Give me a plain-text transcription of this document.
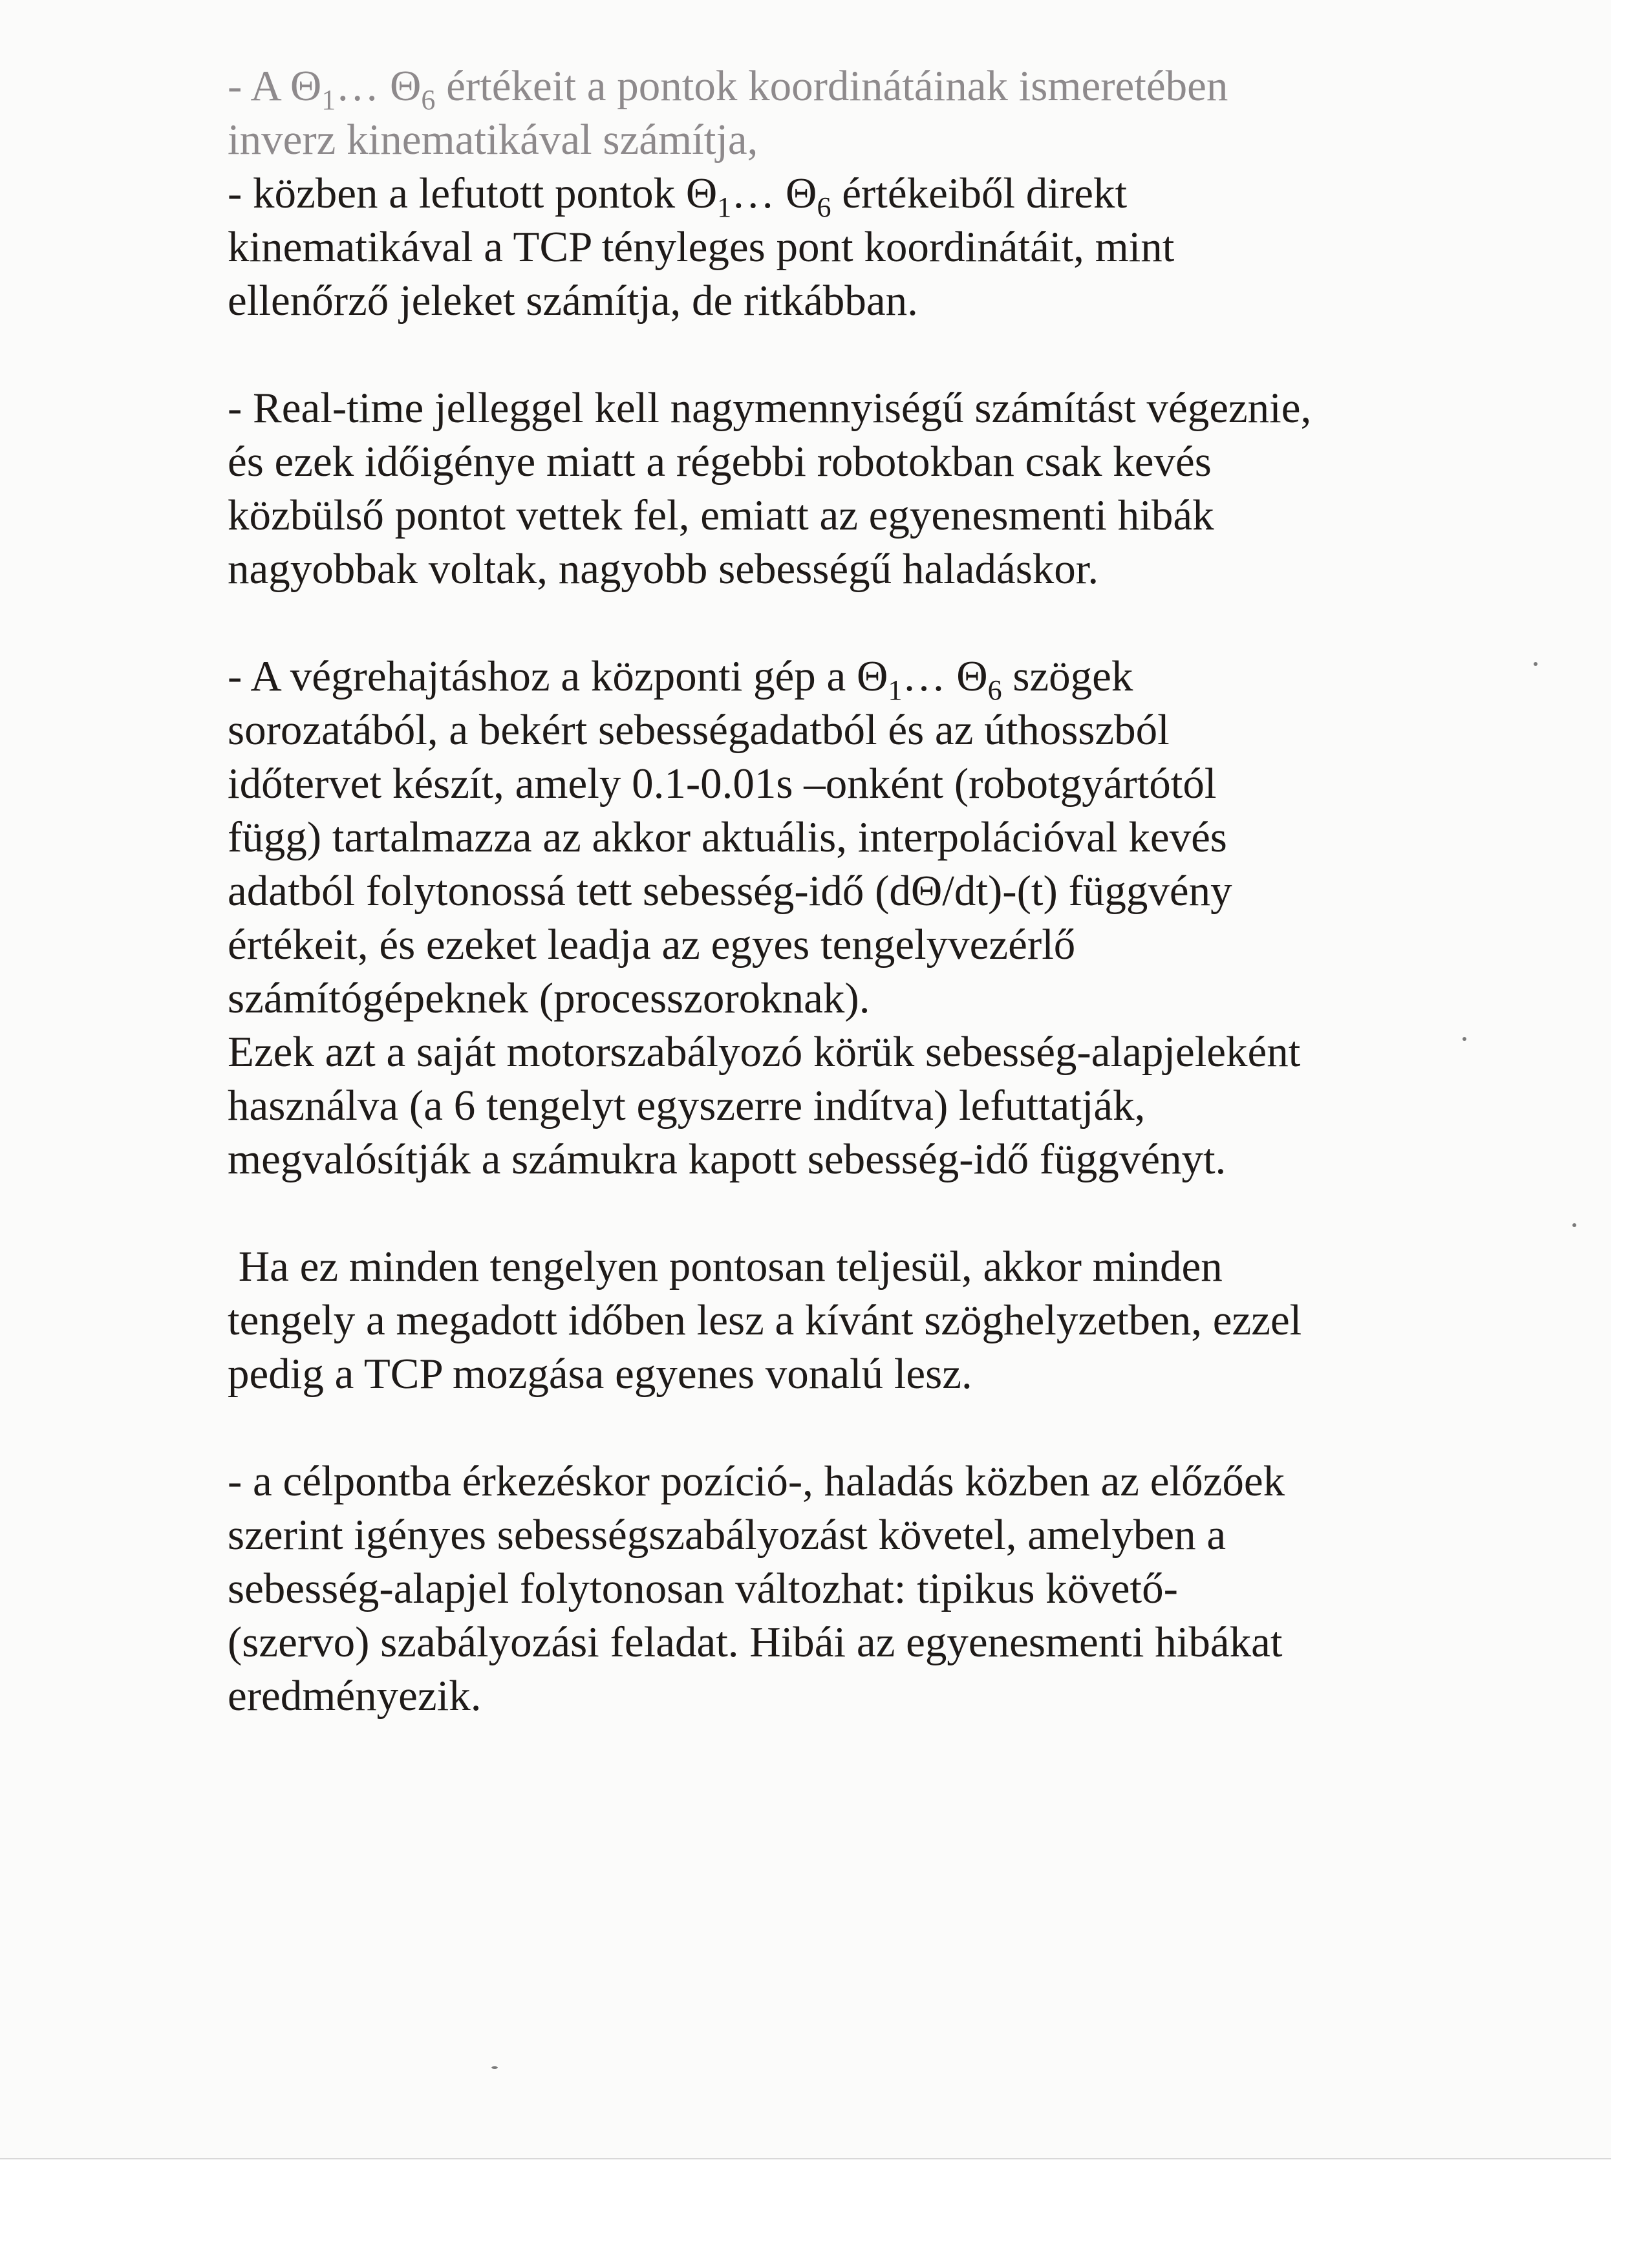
- A $\Theta_1\dots$ $\Theta_6$ értékeit a pontok koordinátáinak ismeretében
inverz kinematikával számítja,
- közben a lefutott pontok $\Theta_1\dots$ $\Theta_6$ értékeiből direkt
kinematikával a TCP tényleges pont koordinátáit, mint
ellenőrző jeleket számítja, de ritkábban.
- Real-time jelleggel kell nagymennyiségű számítást végeznie,
és ezek időigénye miatt a régebbi robotokban csak kevés
közbülső pontot vettek fel, emiatt az egyenesmenti hibák
nagyobbak voltak, nagyobb sebességű haladáskor.
- A végrehajtáshoz a központi gép a $\Theta_1\dots$ $\Theta_6$ szögek
sorozatából, a bekért sebességadatból és az úthosszból
időtervet készít, amely 0.1-0.01s –onként (robotgyártótól
függ) tartalmazza az akkor aktuális, interpolációval kevés
adatból folytonossá tett sebesség-idő (dΘ/dt)-(t) függvény
értékeit, és ezeket leadja az egyes tengelyvezérlő
számítógépeknek (processzoroknak).
Ezek azt a saját motorszabályozó körük sebesség-alapjeleként
használva (a 6 tengelyt egyszerre indítva) lefuttatják,
megvalósítják a számukra kapott sebesség-idő függvényt.
Ha ez minden tengelyen pontosan teljesül, akkor minden
tengely a megadott időben lesz a kívánt szöghelyzetben, ezzel
pedig a TCP mozgása egyenes vonalú lesz.
- a célpontba érkezéskor pozíció-, haladás közben az előzőek
szerint igényes sebességszabályozást követel, amelyben a
sebesség-alapjel folytonosan változhat: tipikus követő-
(szervo) szabályozási feladat. Hibái az egyenesmenti hibákat
eredményezik.
